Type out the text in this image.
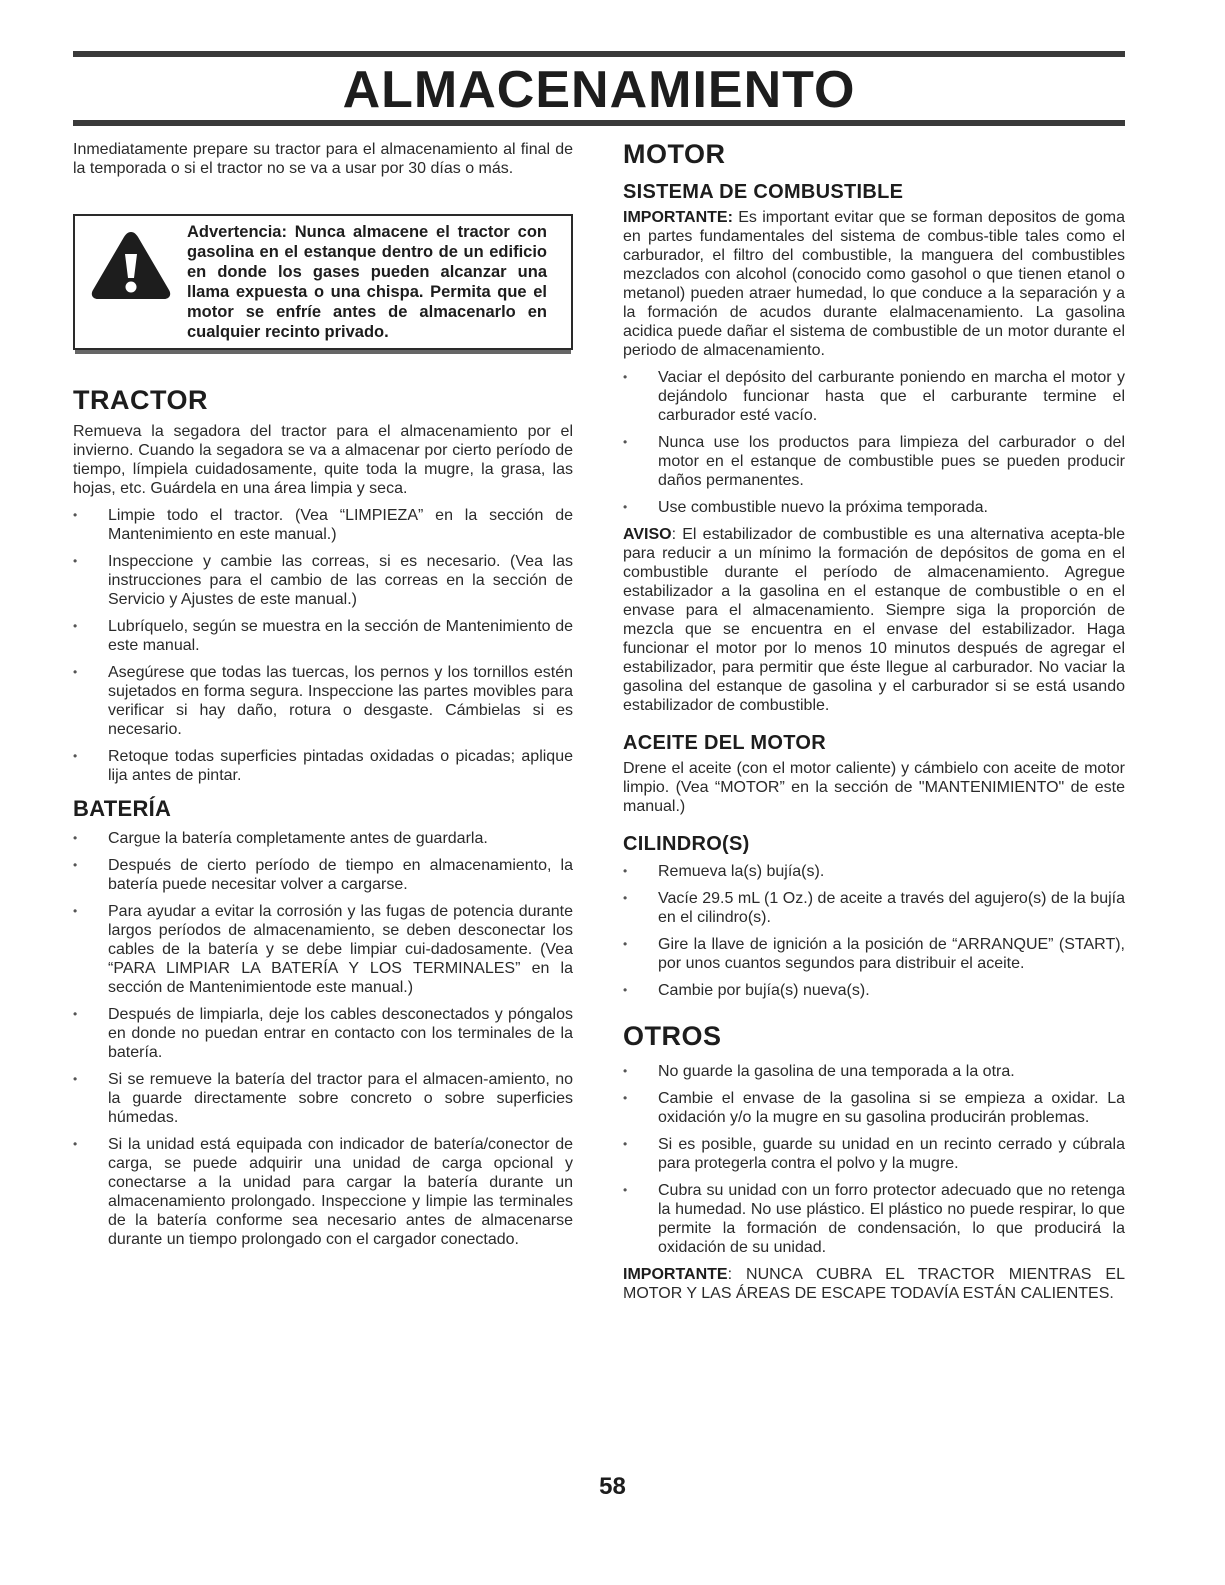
ALMACENAMIENTO

Inmediatamente prepare su tractor para el almacenamiento al final de la temporada o si el tractor no se va a usar por 30 días o más.

Advertencia: Nunca almacene el tractor con gasolina en el estanque dentro de un edificio en donde los gases pueden alcanzar una llama expuesta o una chispa. Permita que el motor se enfríe antes de almacenarlo en cualquier recinto privado.
TRACTOR

Remueva la segadora del tractor para el almacenamiento por el invierno. Cuando la segadora se va a almacenar por cierto período de tiempo, límpiela cuidadosamente, quite toda la mugre, la grasa, las hojas, etc. Guárdela en una área limpia y seca.

• Limpie todo el tractor. (Vea “LIMPIEZA” en la sección de Mantenimiento en este manual.)
• Inspeccione y cambie las correas, si es necesario. (Vea las instrucciones para el cambio de las correas en la sección de Servicio y Ajustes de este manual.)
• Lubríquelo, según se muestra en la sección de Mantenimiento de este manual.
• Asegúrese que todas las tuercas, los pernos y los tornillos estén sujetados en forma segura. Inspeccione las partes movibles para verificar si hay daño, rotura o desgaste. Cámbielas si es necesario.
• Retoque todas superficies pintadas oxidadas o picadas; aplique lija antes de pintar.
BATERÍA
• Cargue la batería completamente antes de guardarla.
• Después de cierto período de tiempo en almacenamiento, la batería puede necesitar volver a cargarse.
• Para ayudar a evitar la corrosión y las fugas de potencia durante largos períodos de almacenamiento, se deben desconectar los cables de la batería y se debe limpiar cui-dadosamente. (Vea “PARA LIMPIAR LA BATERÍA Y LOS TERMINALES” en la sección de Mantenimientode este manual.)
• Después de limpiarla, deje los cables desconectados y póngalos en donde no puedan entrar en contacto con los terminales de la batería.
• Si se remueve la batería del tractor para el almacen-amiento, no la guarde directamente sobre concreto o sobre superficies húmedas.
• Si la unidad está equipada con indicador de batería/conector de carga, se puede adquirir una unidad de carga opcional y conectarse a la unidad para cargar la batería durante un almacenamiento prolongado. Inspeccione y limpie las terminales de la batería conforme sea necesario antes de almacenarse durante un tiempo prolongado con el cargador conectado.
MOTOR
SISTEMA DE COMBUSTIBLE

IMPORTANTE: Es important evitar que se forman depositos de goma en partes fundamentales del sistema de combus-tible tales como el carburador, el filtro del combustible, la manguera del combustibles mezclados con alcohol (conocido como gasohol o que tienen etanol o metanol) pueden atraer humedad, lo que conduce a la separación y a la formación de acudos durante elalmacenamiento. La gasolina acidica puede dañar el sistema de combustible de un motor durante el periodo de almacenamiento.

• Vaciar el depósito del carburante poniendo en marcha el motor y dejándolo funcionar hasta que el carburante termine el carburador esté vacío.
• Nunca use los productos para limpieza del carburador o del motor en el estanque de combustible pues se pueden producir daños permanentes.
• Use combustible nuevo la próxima temporada.

AVISO: El estabilizador de combustible es una alternativa acepta-ble para reducir a un mínimo la formación de depósitos de goma en el combustible durante el período de almacenamiento. Agregue estabilizador a la gasolina en el estanque de combustible o en el envase para el almacenamiento. Siempre siga la proporción de mezcla que se encuentra en el envase del estabilizador. Haga funcionar el motor por lo menos 10 minutos después de agregar el estabilizador, para permitir que éste llegue al carburador. No vaciar la gasolina del estanque de gasolina y el carburador si se está usando estabilizador de combustible.

ACEITE DEL MOTOR

Drene el aceite (con el motor caliente) y cámbielo con aceite de motor limpio. (Vea “MOTOR” en la sección de "MANTENIMIENTO" de este manual.)

CILINDRO(S)
• Remueva la(s) bujía(s).
• Vacíe 29.5 mL (1 Oz.) de aceite a través del agujero(s) de la bujía en el cilindro(s).
• Gire la llave de ignición a la posición de “ARRANQUE” (START), por unos cuantos segundos para distribuir el aceite.
• Cambie por bujía(s) nueva(s).
OTROS
• No guarde la gasolina de una temporada a la otra.
• Cambie el envase de la gasolina si se empieza a oxidar. La oxidación y/o la mugre en su gasolina producirán problemas.
• Si es posible, guarde su unidad en un recinto cerrado y cúbrala para protegerla contra el polvo y la mugre.
• Cubra su unidad con un forro protector adecuado que no retenga la humedad. No use plástico. El plástico no puede respirar, lo que permite la formación de condensación, lo que producirá la oxidación de su unidad.

IMPORTANTE: NUNCA CUBRA EL TRACTOR MIENTRAS EL MOTOR Y LAS ÁREAS DE ESCAPE TODAVÍA ESTÁN CALIENTES.

58
